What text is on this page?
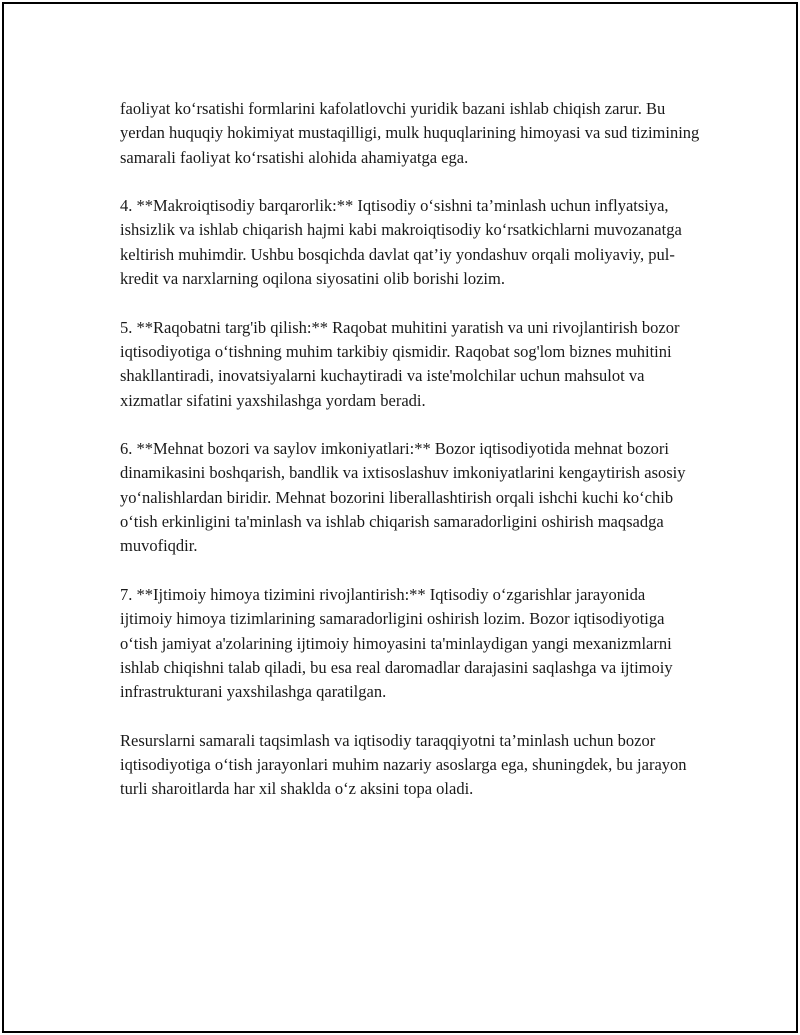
faoliyat ko‘rsatishi formlarini kafolatlovchi yuridik bazani ishlab chiqish zarur. Bu yerdan huquqiy hokimiyat mustaqilligi, mulk huquqlarining himoyasi va sud tizimining samarali faoliyat ko‘rsatishi alohida ahamiyatga ega.

4. **Makroiqtisodiy barqarorlik:** Iqtisodiy o‘sishni ta’minlash uchun inflyatsiya, ishsizlik va ishlab chiqarish hajmi kabi makroiqtisodiy ko‘rsatkichlarni muvozanatga keltirish muhimdir. Ushbu bosqichda davlat qat’iy yondashuv orqali moliyaviy, pul-kredit va narxlarning oqilona siyosatini olib borishi lozim.

5. **Raqobatni targ'ib qilish:** Raqobat muhitini yaratish va uni rivojlantirish bozor iqtisodiyotiga o‘tishning muhim tarkibiy qismidir. Raqobat sog'lom biznes muhitini shakllantiradi, inovatsiyalarni kuchaytiradi va iste'molchilar uchun mahsulot va xizmatlar sifatini yaxshilashga yordam beradi.

6. **Mehnat bozori va saylov imkoniyatlari:** Bozor iqtisodiyotida mehnat bozori dinamikasini boshqarish, bandlik va ixtisoslashuv imkoniyatlarini kengaytirish asosiy yo‘nalishlardan biridir. Mehnat bozorini liberallashtirish orqali ishchi kuchi ko‘chib o‘tish erkinligini ta'minlash va ishlab chiqarish samaradorligini oshirish maqsadga muvofiqdir.

7. **Ijtimoiy himoya tizimini rivojlantirish:** Iqtisodiy o‘zgarishlar jarayonida ijtimoiy himoya tizimlarining samaradorligini oshirish lozim. Bozor iqtisodiyotiga o‘tish jamiyat a'zolarining ijtimoiy himoyasini ta'minlaydigan yangi mexanizmlarni ishlab chiqishni talab qiladi, bu esa real daromadlar darajasini saqlashga va ijtimoiy infrastrukturani yaxshilashga qaratilgan.

Resurslarni samarali taqsimlash va iqtisodiy taraqqiyotni ta’minlash uchun bozor iqtisodiyotiga o‘tish jarayonlari muhim nazariy asoslarga ega, shuningdek, bu jarayon turli sharoitlarda har xil shaklda o‘z aksini topa oladi.
